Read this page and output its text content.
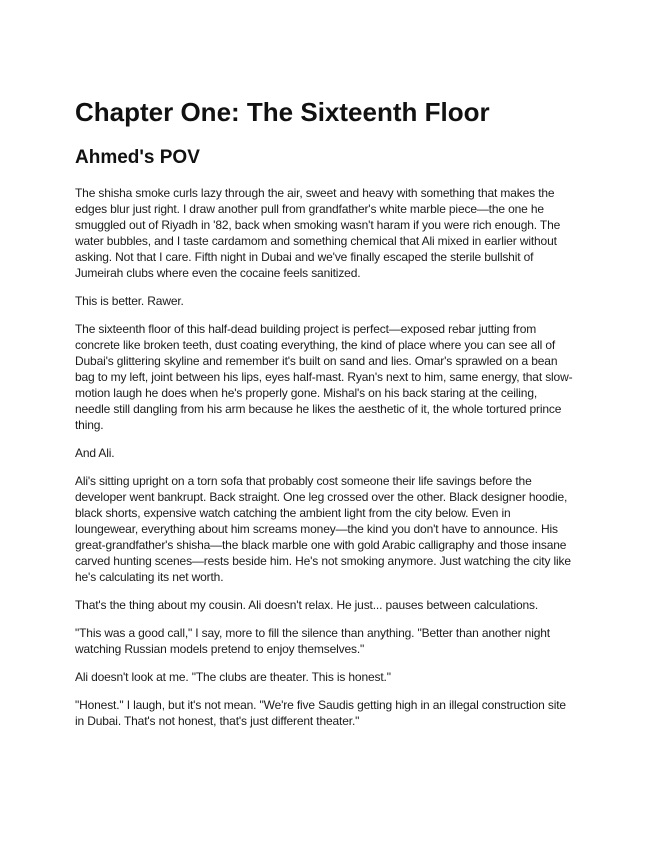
Chapter One: The Sixteenth Floor
Ahmed's POV

The shisha smoke curls lazy through the air, sweet and heavy with something that makes the edges blur just right. I draw another pull from grandfather's white marble piece—the one he smuggled out of Riyadh in '82, back when smoking wasn't haram if you were rich enough. The water bubbles, and I taste cardamom and something chemical that Ali mixed in earlier without asking. Not that I care. Fifth night in Dubai and we've finally escaped the sterile bullshit of Jumeirah clubs where even the cocaine feels sanitized.

This is better. Rawer.

The sixteenth floor of this half-dead building project is perfect—exposed rebar jutting from concrete like broken teeth, dust coating everything, the kind of place where you can see all of Dubai's glittering skyline and remember it's built on sand and lies. Omar's sprawled on a bean bag to my left, joint between his lips, eyes half-mast. Ryan's next to him, same energy, that slow-motion laugh he does when he's properly gone. Mishal's on his back staring at the ceiling, needle still dangling from his arm because he likes the aesthetic of it, the whole tortured prince thing.

And Ali.

Ali's sitting upright on a torn sofa that probably cost someone their life savings before the developer went bankrupt. Back straight. One leg crossed over the other. Black designer hoodie, black shorts, expensive watch catching the ambient light from the city below. Even in loungewear, everything about him screams money—the kind you don't have to announce. His great-grandfather's shisha—the black marble one with gold Arabic calligraphy and those insane carved hunting scenes—rests beside him. He's not smoking anymore. Just watching the city like he's calculating its net worth.

That's the thing about my cousin. Ali doesn't relax. He just... pauses between calculations.

"This was a good call," I say, more to fill the silence than anything. "Better than another night watching Russian models pretend to enjoy themselves."

Ali doesn't look at me. "The clubs are theater. This is honest."

"Honest." I laugh, but it's not mean. "We're five Saudis getting high in an illegal construction site in Dubai. That's not honest, that's just different theater."
